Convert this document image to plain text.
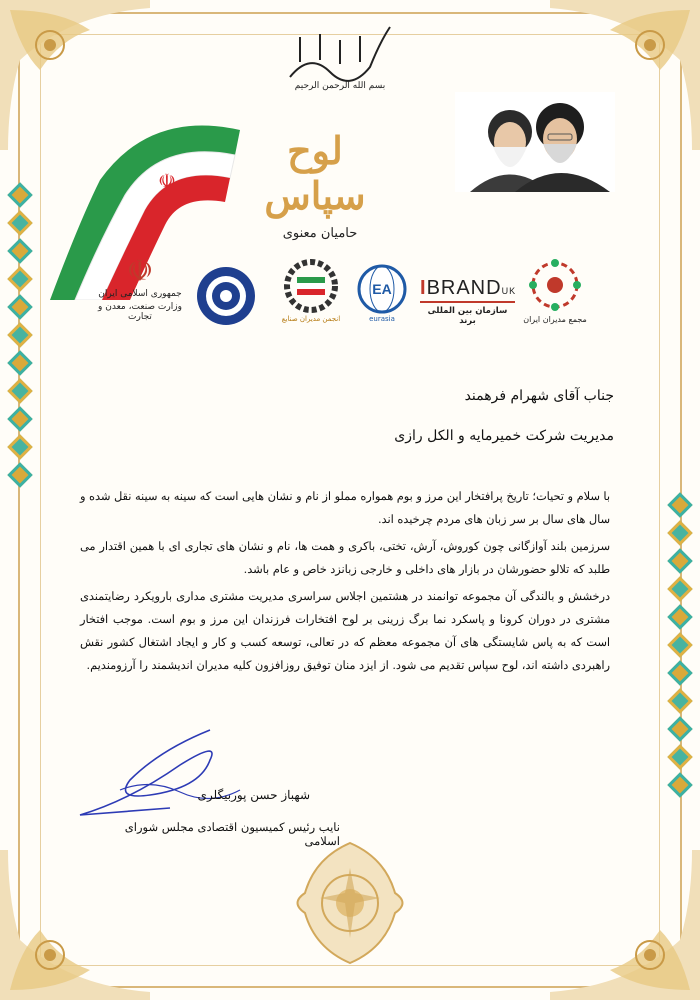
☫
بسم الله الرحمن الرحیم
لوح سپاس
حامیان معنوی
مجمع مدیران ایران
IBRANDUK
سازمان بین المللی برند
EA
eurasia
انجمن مدیران صنایع
☫
جمهوری اسلامی ایران
وزارت صنعت، معدن و تجارت
جناب آقای شهرام فرهمند
مدیریت شرکت خمیرمایه و الکل رازی

با سلام و تحیات؛ تاریخ پرافتخار این مرز و بوم همواره مملو از نام و نشان هایی است که سینه به سینه نقل شده و سال های سال بر سر زبان های مردم چرخیده اند.

سرزمین بلند آوازگانی چون کوروش، آرش، تختی، باکری و همت ها، نام و نشان های تجاری ای با همین اقتدار می طلبد که تلالو حضورشان در بازار های داخلی و خارجی زبانزد خاص و عام باشد.

درخشش و بالندگی آن مجموعه توانمند در هشتمین اجلاس سراسری مدیریت مشتری مداری بارویکرد رضایتمندی مشتری در دوران کرونا و پاسکرد نما برگ زرینی بر لوح افتخارات فرزندان این مرز و بوم است. موجب افتخار است که به پاس شایستگی های آن مجموعه معظم که در تعالی، توسعه کسب و کار و ایجاد اشتغال کشور نقش راهبردی داشته اند، لوح سپاس تقدیم می شود. از ایزد منان توفیق روزافزون کلیه مدیران اندیشمند را آرزومندیم.

شهباز حسن پوربیگلری
نایب رئیس کمیسیون اقتصادی مجلس شورای اسلامی
